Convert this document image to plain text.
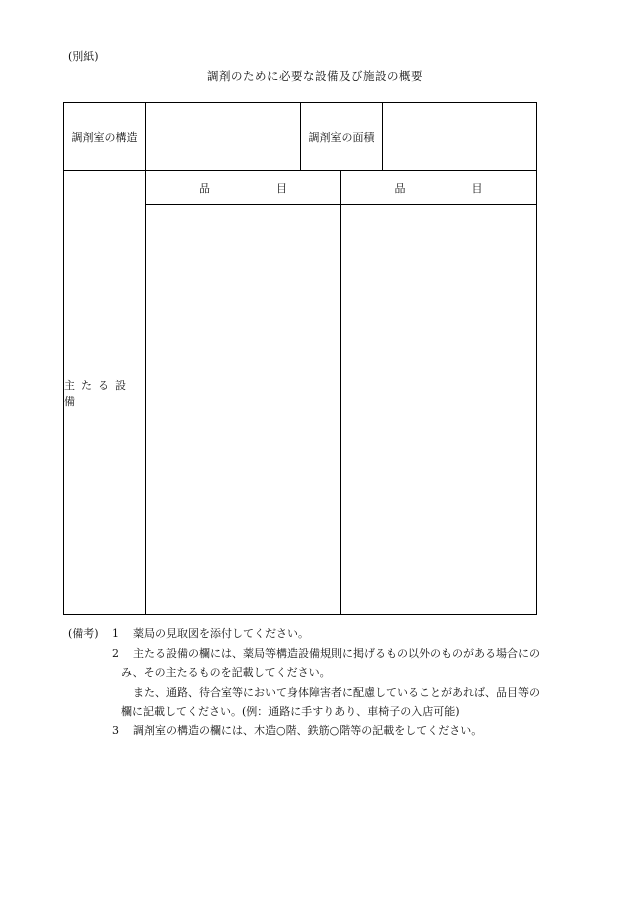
(別紙)
調剤のために必要な設備及び施設の概要
調剤室の構造	調剤室の面積
主たる設備
品　　　　　　目	品　　　　　　目
(備考) 1 薬局の見取図を添付してください。
2 主たる設備の欄には、薬局等構造設備規則に掲げるもの以外のものがある場合にの
み、その主たるものを記載してください。
また、通路、待合室等において身体障害者に配慮していることがあれば、品目等の
欄に記載してください。(例：通路に手すりあり、車椅子の入店可能)
3 調剤室の構造の欄には、木造○階、鉄筋○階等の記載をしてください。
